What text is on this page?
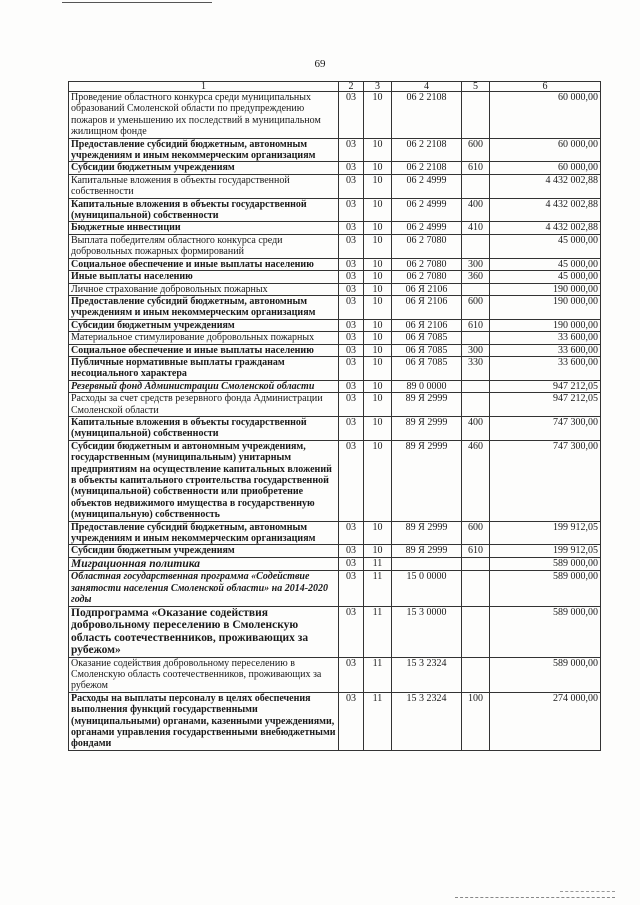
69
1	2	3	4	5	6
Проведение областного конкурса среди муниципальных образований Смоленской области по предупреждению пожаров и уменьшению их последствий в муниципальном жилищном фонде	03	10	06 2 2108		60 000,00
Предоставление субсидий бюджетным, автономным учреждениям и иным некоммерческим организациям	03	10	06 2 2108	600	60 000,00
Субсидии бюджетным учреждениям	03	10	06 2 2108	610	60 000,00
Капитальные вложения в объекты государственной собственности	03	10	06 2 4999		4 432 002,88
Капитальные вложения в объекты государственной (муниципальной) собственности	03	10	06 2 4999	400	4 432 002,88
Бюджетные инвестиции	03	10	06 2 4999	410	4 432 002,88
Выплата победителям областного конкурса среди добровольных пожарных формирований	03	10	06 2 7080		45 000,00
Социальное обеспечение и иные выплаты населению	03	10	06 2 7080	300	45 000,00
Иные выплаты населению	03	10	06 2 7080	360	45 000,00
Личное страхование добровольных пожарных	03	10	06 Я 2106		190 000,00
Предоставление субсидий бюджетным, автономным учреждениям и иным некоммерческим организациям	03	10	06 Я 2106	600	190 000,00
Субсидии бюджетным учреждениям	03	10	06 Я 2106	610	190 000,00
Материальное стимулирование добровольных пожарных	03	10	06 Я 7085		33 600,00
Социальное обеспечение и иные выплаты населению	03	10	06 Я 7085	300	33 600,00
Публичные нормативные выплаты гражданам несоциального характера	03	10	06 Я 7085	330	33 600,00
Резервный фонд Администрации Смоленской области	03	10	89 0 0000		947 212,05
Расходы за счет средств резервного фонда Администрации Смоленской области	03	10	89 Я 2999		947 212,05
Капитальные вложения в объекты государственной (муниципальной) собственности	03	10	89 Я 2999	400	747 300,00
Субсидии бюджетным и автономным учреждениям, государственным (муниципальным) унитарным предприятиям на осуществление капитальных вложений в объекты капитального строительства государственной (муниципальной) собственности или приобретение объектов недвижимого имущества в государственную (муниципальную) собственность	03	10	89 Я 2999	460	747 300,00
Предоставление субсидий бюджетным, автономным учреждениям и иным некоммерческим организациям	03	10	89 Я 2999	600	199 912,05
Субсидии бюджетным учреждениям	03	10	89 Я 2999	610	199 912,05
Миграционная политика	03	11			589 000,00
Областная государственная программа «Содействие занятости населения Смоленской области» на 2014-2020 годы	03	11	15 0 0000		589 000,00
Подпрограмма «Оказание содействия добровольному переселению в Смоленскую область соотечественников, проживающих за рубежом»	03	11	15 3 0000		589 000,00
Оказание содействия добровольному переселению в Смоленскую область соотечественников, проживающих за рубежом	03	11	15 3 2324		589 000,00
Расходы на выплаты персоналу в целях обеспечения выполнения функций государственными (муниципальными) органами, казенными учреждениями, органами управления государственными внебюджетными фондами	03	11	15 3 2324	100	274 000,00
